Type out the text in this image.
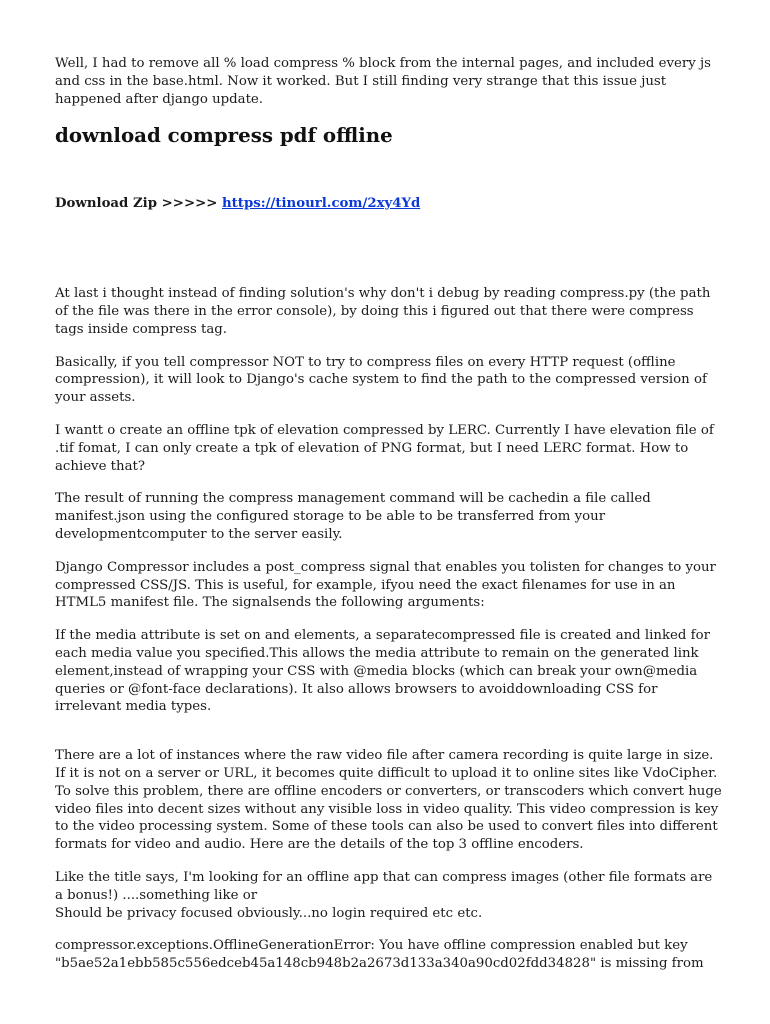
Well, I had to remove all % load compress % block from the internal pages, and included every js and css in the base.html. Now it worked. But I still finding very strange that this issue just happened after django update.

download compress pdf offline

Download Zip >>>>> https://tinourl.com/2xy4Yd

At last i thought instead of finding solution's why don't i debug by reading compress.py (the path of the file was there in the error console), by doing this i figured out that there were compress tags inside compress tag.

Basically, if you tell compressor NOT to try to compress files on every HTTP request (offline compression), it will look to Django's cache system to find the path to the compressed version of your assets.

I wantt o create an offline tpk of elevation compressed by LERC. Currently I have elevation file of .tif fomat, I can only create a tpk of elevation of PNG format, but I need LERC format. How to achieve that?

The result of running the compress management command will be cachedin a file called manifest.json using the configured storage to be able to be transferred from your developmentcomputer to the server easily.

Django Compressor includes a post_compress signal that enables you tolisten for changes to your compressed CSS/JS. This is useful, for example, ifyou need the exact filenames for use in an HTML5 manifest file. The signalsends the following arguments:

If the media attribute is set on and elements, a separatecompressed file is created and linked for each media value you specified.This allows the media attribute to remain on the generated link element,instead of wrapping your CSS with @media blocks (which can break your own@media queries or @font-face declarations). It also allows browsers to avoiddownloading CSS for irrelevant media types.

There are a lot of instances where the raw video file after camera recording is quite large in size. If it is not on a server or URL, it becomes quite difficult to upload it to online sites like VdoCipher. To solve this problem, there are offline encoders or converters, or transcoders which convert huge video files into decent sizes without any visible loss in video quality. This video compression is key to the video processing system. Some of these tools can also be used to convert files into different formats for video and audio. Here are the details of the top 3 offline encoders.

Like the title says, I'm looking for an offline app that can compress images (other file formats are a bonus!) ....something like or

Should be privacy focused obviously...no login required etc etc.

compressor.exceptions.OfflineGenerationError: You have offline compression enabled but key "b5ae52a1ebb585c556edceb45a148cb948b2a2673d133a340a90cd02fdd34828" is missing from
